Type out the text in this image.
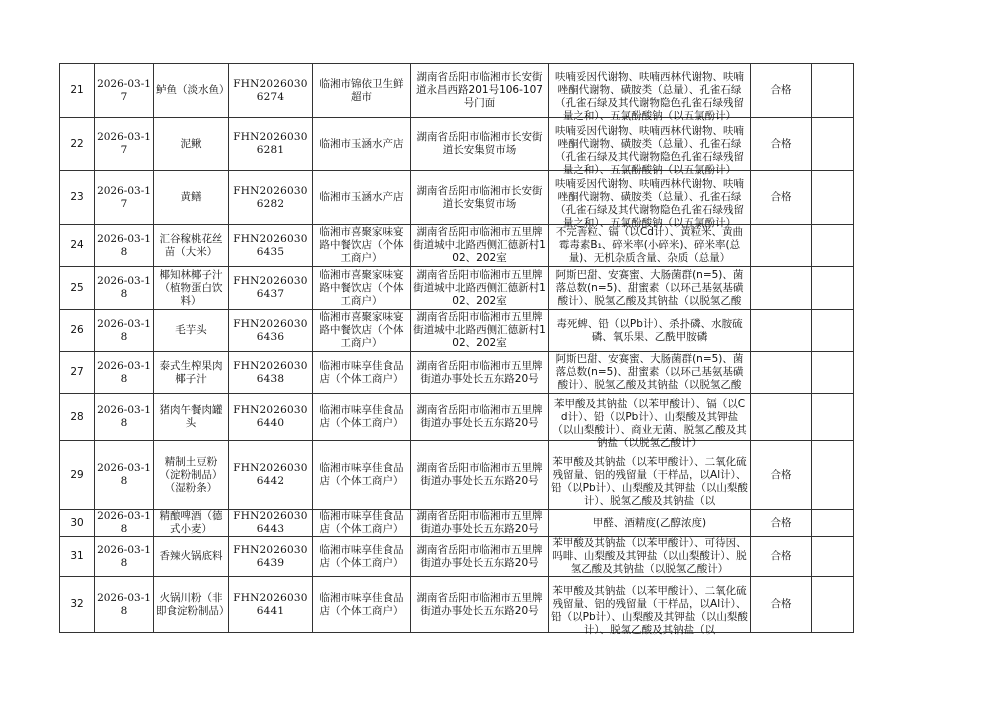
21	2026-03-17	鲈鱼（淡水鱼）	FHN20260306274	临湘市锦依卫生鲜超市	湖南省岳阳市临湘市长安街道永昌西路201号106-107号门面	呋喃妥因代谢物、呋喃西林代谢物、呋喃唑酮代谢物、磺胺类（总量）、孔雀石绿（孔雀石绿及其代谢物隐色孔雀石绿残留量之和）、五氯酚酸钠（以五氯酚计）	合格	
22	2026-03-17	泥鳅	FHN20260306281	临湘市玉涵水产店	湖南省岳阳市临湘市长安街道长安集贸市场	呋喃妥因代谢物、呋喃西林代谢物、呋喃唑酮代谢物、磺胺类（总量）、孔雀石绿（孔雀石绿及其代谢物隐色孔雀石绿残留量之和）、五氯酚酸钠（以五氯酚计）	合格	
23	2026-03-17	黄鳝	FHN20260306282	临湘市玉涵水产店	湖南省岳阳市临湘市长安街道长安集贸市场	呋喃妥因代谢物、呋喃西林代谢物、呋喃唑酮代谢物、磺胺类（总量）、孔雀石绿（孔雀石绿及其代谢物隐色孔雀石绿残留量之和）、五氯酚酸钠（以五氯酚计）	合格	
24	2026-03-18	汇谷稼桃花丝苗（大米）	FHN20260306435	临湘市喜聚家味宴路中餐饮店（个体工商户）	湖南省岳阳市临湘市五里牌街道城中北路西侧汇德新村102、202室	不完善粒、镉（以Cd计）、黄粒米、黄曲霉毒素B₁、碎米率(小碎米)、碎米率(总量)、无机杂质含量、杂质（总量）		

25	2026-03-18	椰知林椰子汁（植物蛋白饮料）	FHN20260306437	临湘市喜聚家味宴路中餐饮店（个体工商户）	湖南省岳阳市临湘市五里牌街道城中北路西侧汇德新村102、202室	阿斯巴甜、安赛蜜、大肠菌群(n=5)、菌落总数(n=5)、甜蜜素（以环己基氨基磺酸计）、脱氢乙酸及其钠盐（以脱氢乙酸		

26	2026-03-18	毛芋头	FHN20260306436	临湘市喜聚家味宴路中餐饮店（个体工商户）	湖南省岳阳市临湘市五里牌街道城中北路西侧汇德新村102、202室	毒死蜱、铅（以Pb计）、杀扑磷、水胺硫磷、氧乐果、乙酰甲胺磷		

27	2026-03-18	泰式生榨果肉椰子汁	FHN20260306438	临湘市味享佳食品店（个体工商户）	湖南省岳阳市临湘市五里牌街道办事处长五东路20号	阿斯巴甜、安赛蜜、大肠菌群(n=5)、菌落总数(n=5)、甜蜜素（以环己基氨基磺酸计）、脱氢乙酸及其钠盐（以脱氢乙酸		

28	2026-03-18	猪肉午餐肉罐头	FHN20260306440	临湘市味享佳食品店（个体工商户）	湖南省岳阳市临湘市五里牌街道办事处长五东路20号	苯甲酸及其钠盐（以苯甲酸计）、镉（以Cd计）、铅（以Pb计）、山梨酸及其钾盐（以山梨酸计）、商业无菌、脱氢乙酸及其钠盐（以脱氢乙酸计）		

29	2026-03-18	精制土豆粉（淀粉制品）（湿粉条）	FHN20260306442	临湘市味享佳食品店（个体工商户）	湖南省岳阳市临湘市五里牌街道办事处长五东路20号	苯甲酸及其钠盐（以苯甲酸计）、二氧化硫残留量、铝的残留量（干样品，以Al计）、铅（以Pb计）、山梨酸及其钾盐（以山梨酸计）、脱氢乙酸及其钠盐（以	合格	
30	2026-03-18	精酿啤酒（德式小麦）	FHN20260306443	临湘市味享佳食品店（个体工商户）	湖南省岳阳市临湘市五里牌街道办事处长五东路20号	甲醛、酒精度(乙醇浓度)	合格	
31	2026-03-18	香辣火锅底料	FHN20260306439	临湘市味享佳食品店（个体工商户）	湖南省岳阳市临湘市五里牌街道办事处长五东路20号	苯甲酸及其钠盐（以苯甲酸计）、可待因、吗啡、山梨酸及其钾盐（以山梨酸计）、脱氢乙酸及其钠盐（以脱氢乙酸计）	合格	
32	2026-03-18	火锅川粉（非即食淀粉制品）	FHN20260306441	临湘市味享佳食品店（个体工商户）	湖南省岳阳市临湘市五里牌街道办事处长五东路20号	苯甲酸及其钠盐（以苯甲酸计）、二氧化硫残留量、铝的残留量（干样品，以Al计）、铅（以Pb计）、山梨酸及其钾盐（以山梨酸计）、脱氢乙酸及其钠盐（以	合格	
